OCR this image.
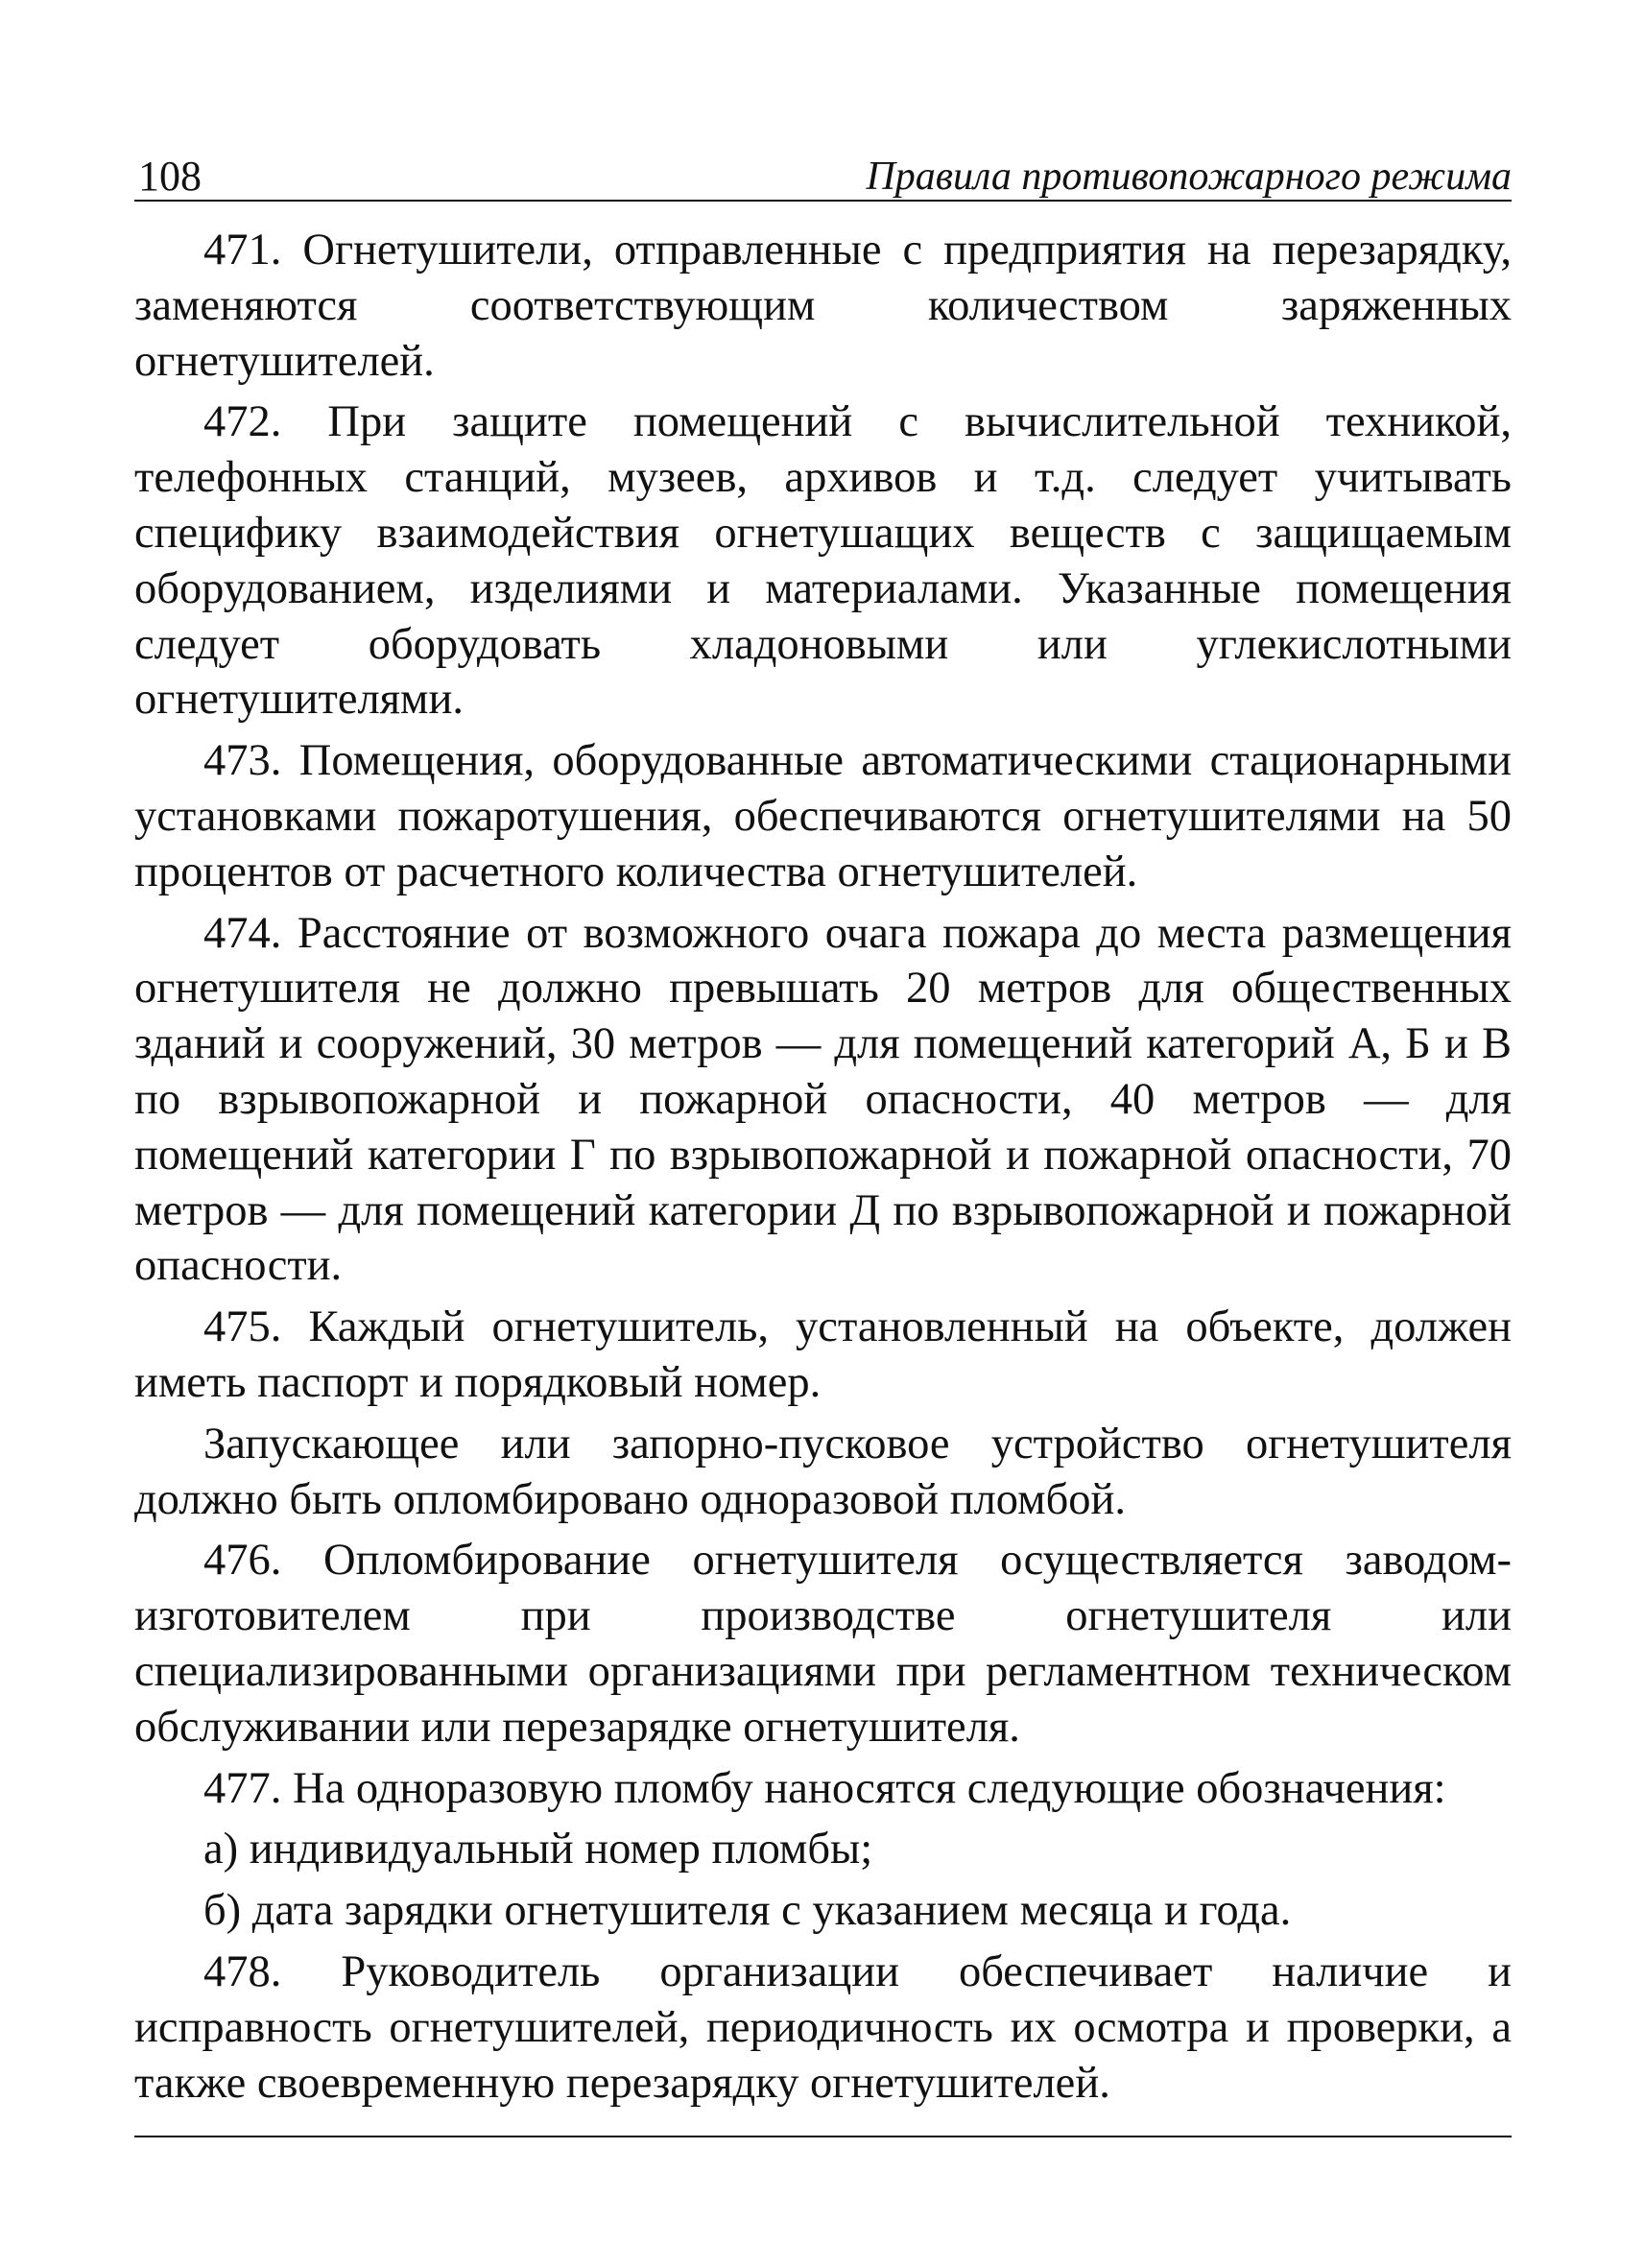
108	Правила противопожарного режима

471. Огнетушители, отправленные с предприятия на перезарядку, заменяются соответствующим количеством заряженных огнетушителей.

472. При защите помещений с вычислительной техникой, телефонных станций, музеев, архивов и т.д. следует учитывать специфику взаимодействия огнетушащих веществ с защищаемым оборудованием, изделиями и материалами. Указанные помещения следует оборудовать хладоновыми или углекислотными огнетушителями.

473. Помещения, оборудованные автоматическими стационарными установками пожаротушения, обеспечиваются огнетушителями на 50 процентов от расчетного количества огнетушителей.

474. Расстояние от возможного очага пожара до места размещения огнетушителя не должно превышать 20 метров для общественных зданий и сооружений, 30 метров — для помещений категорий А, Б и В по взрывопожарной и пожарной опасности, 40 метров — для помещений категории Г по взрывопожарной и пожарной опасности, 70 метров — для помещений категории Д по взрывопожарной и пожарной опасности.

475. Каждый огнетушитель, установленный на объекте, должен иметь паспорт и порядковый номер.

Запускающее или запорно-пусковое устройство огнетушителя должно быть опломбировано одноразовой пломбой.

476. Опломбирование огнетушителя осуществляется заводом-изготовителем при производстве огнетушителя или специализированными организациями при регламентном техническом обслуживании или перезарядке огнетушителя.

477. На одноразовую пломбу наносятся следующие обозначения:

а) индивидуальный номер пломбы;

б) дата зарядки огнетушителя с указанием месяца и года.

478. Руководитель организации обеспечивает наличие и исправность огнетушителей, периодичность их осмотра и проверки, а также своевременную перезарядку огнетушителей.
